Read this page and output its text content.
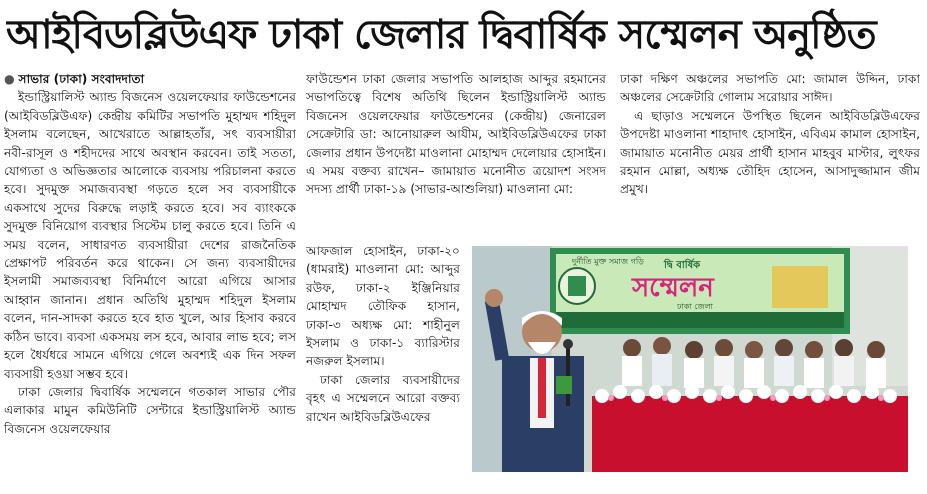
আইবিডব্লিউএফ ঢাকা জেলার দ্বিবার্ষিক সম্মেলন অনুষ্ঠিত

● সাভার (ঢাকা) সংবাদদাতা

ইন্ডাস্ট্রিয়ালিস্ট অ্যান্ড বিজনেস ওয়েলফেয়ার ফাউন্ডেশনের (আইবিডব্লিউএফ) কেন্দ্রীয় কমিটির সভাপতি মুহাম্মদ শহিদুল ইসলাম বলেছেন, আখেরাতে আল্লাহতাঁর, সৎ ব্যবসায়ীরা নবী-রাসূল ও শহীদদের সাথে অবস্থান করবেন। তাই সততা, যোগ্যতা ও অভিজ্ঞতার আলোকে ব্যবসায় পরিচালনা করতে হবে। সুদমুক্ত সমাজব্যবস্থা গড়তে হলে সব ব্যবসায়ীকে একসাথে সুদের বিরুদ্ধে লড়াই করতে হবে। সব ব্যাংককে সুদমুক্ত বিনিয়োগ ব্যবস্থার সিস্টেম চালু করতে হবে। তিনি এ সময় বলেন, সাধারণত ব্যবসায়ীরা দেশের রাজনৈতিক প্রেক্ষাপট পরিবর্তন করে থাকেন। সে জন্য ব্যবসায়ীদের ইসলামী সমাজব্যবস্থা বিনির্মাণে আরো এগিয়ে আসার আহ্বান জানান। প্রধান অতিথি মুহাম্মদ শহিদুল ইসলাম বলেন, দান-সাদকা করতে হবে হাত খুলে, আর হিসাব করবে কঠিন ভাবে। ব্যবসা একসময় লস হবে, আবার লাভ হবে; লস হলে ধৈর্যধরে সামনে এগিয়ে গেলে অবশ্যই এক দিন সফল ব্যবসায়ী হওয়া সম্ভব হবে।

ঢাকা জেলার দ্বিবার্ষিক সম্মেলনে গতকাল সাভার পৌর এলাকার মামুন কমিউনিটি সেন্টারে ইন্ডাস্ট্রিয়ালিস্ট অ্যান্ড বিজনেস ওয়েলফেয়ার

ফাউন্ডেশন ঢাকা জেলার সভাপতি আলহাজ আব্দুর রহমানের সভাপতিত্বে বিশেষ অতিথি ছিলেন ইন্ডাস্ট্রিয়ালিস্ট অ্যান্ড বিজনেস ওয়েলফেয়ার ফাউন্ডেশনের (কেন্দ্রীয়) জেনারেল সেক্রেটারি ডা: আনোয়ারুল আযীম, আইবিডব্লিউএফের ঢাকা জেলার প্রধান উপদেষ্টা মাওলানা মোহাম্মদ দেলোয়ার হোসাইন। এ সময় বক্তব্য রাখেন– জামায়াত মনোনীত ত্রয়োদশ সংসদ সদস্য প্রার্থী ঢাকা-১৯ (সাভার-আশুলিয়া) মাওলানা মো:

আফজাল হোসাইন, ঢাকা-২০ (ধামরাই) মাওলানা মো: আব্দুর রউফ, ঢাকা-২ ইঞ্জিনিয়ার মোহাম্মদ তৌফিক হাসান, ঢাকা-৩ অধ্যক্ষ মো: শাহীনুল ইসলাম ও ঢাকা-১ ব্যারিস্টার নজরুল ইসলাম।

ঢাকা জেলার ব্যবসায়ীদের বৃহৎ এ সম্মেলনে আরো বক্তব্য রাখেন আইবিডব্লিউএফের

ঢাকা দক্ষিণ অঞ্চলের সভাপতি মো: জামাল উদ্দিন, ঢাকা অঞ্চলের সেক্রেটারি গোলাম সরোয়ার সাঈদ।

এ ছাড়াও সম্মেলনে উপস্থিত ছিলেন আইবিডব্লিউএফের উপদেষ্টা মাওলানা শাহাদাৎ হোসাইন, এবিএম কামাল হোসাইন, জামায়াত মনোনীত মেয়র প্রার্থী হাসান মাহবুব মাস্টার, লুৎফর রহমান মোল্লা, অধ্যক্ষ তৌহিদ হোসেন, আসাদুজ্জামান জীম প্রমুখ।

দুর্নীতি মুক্ত সমাজ গড়ি দ্বি বার্ষিক
সম্মেলন
ঢাকা জেলা
